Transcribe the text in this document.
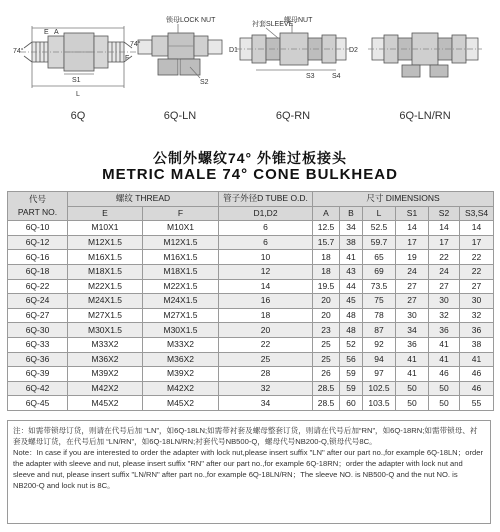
E A
74°
74°
F
S1
L
锁母LOCK NUT
S2
衬套SLEEVE
螺母NUT
D1	D2
S3 S4
6Q	6Q-LN	6Q-RN	6Q-LN/RN
公制外螺纹74° 外锥过板接头
METRIC MALE 74° CONE BULKHEAD
代号
PART NO.	螺纹 THREAD		管子外径D TUBE O.D.	尺寸 DIMENSIONS					
	E	F	D1,D2	A	B	L	S1	S2	S3,S4
6Q-10	M10X1	M10X1	6	12.5	34	52.5	14	14	14
6Q-12	M12X1.5	M12X1.5	6	15.7	38	59.7	17	17	17
6Q-16	M16X1.5	M16X1.5	10	18	41	65	19	22	22
6Q-18	M18X1.5	M18X1.5	12	18	43	69	24	24	22
6Q-22	M22X1.5	M22X1.5	14	19.5	44	73.5	27	27	27
6Q-24	M24X1.5	M24X1.5	16	20	45	75	27	30	30
6Q-27	M27X1.5	M27X1.5	18	20	48	78	30	32	32
6Q-30	M30X1.5	M30X1.5	20	23	48	87	34	36	36
6Q-33	M33X2	M33X2	22	25	52	92	36	41	38
6Q-36	M36X2	M36X2	25	25	56	94	41	41	41
6Q-39	M39X2	M39X2	28	26	59	97	41	46	46
6Q-42	M42X2	M42X2	32	28.5	59	102.5	50	50	46
6Q-45	M45X2	M45X2	34	28.5	60	103.5	50	50	55

注：如需带锁母订货，则请在代号后加 “LN”，如6Q-18LN;如需带衬套及螺母整套订货，则请在代号后加“RN”，如6Q-18RN;如需带锁母、衬套及螺母订货，在代号后加 “LN/RN”，如6Q-18LN/RN;衬套代号NB500-Q，螺母代号NB200-Q,锁母代号8C。

Note：In case if you are interested to order the adapter with lock nut,please insert suffix "LN" after our part no.,for example 6Q-18LN；order the adapter with sleeve and nut, please insert suffix "RN" after our part no.,for example 6Q-18RN；order the adapter with lock nut and sleeve and nut, please insert suffix "LN/RN" after part no.,for example 6Q-18LN/RN；The sleeve NO. is NB500-Q and the nut NO. is NB200-Q and lock nut is 8C。
